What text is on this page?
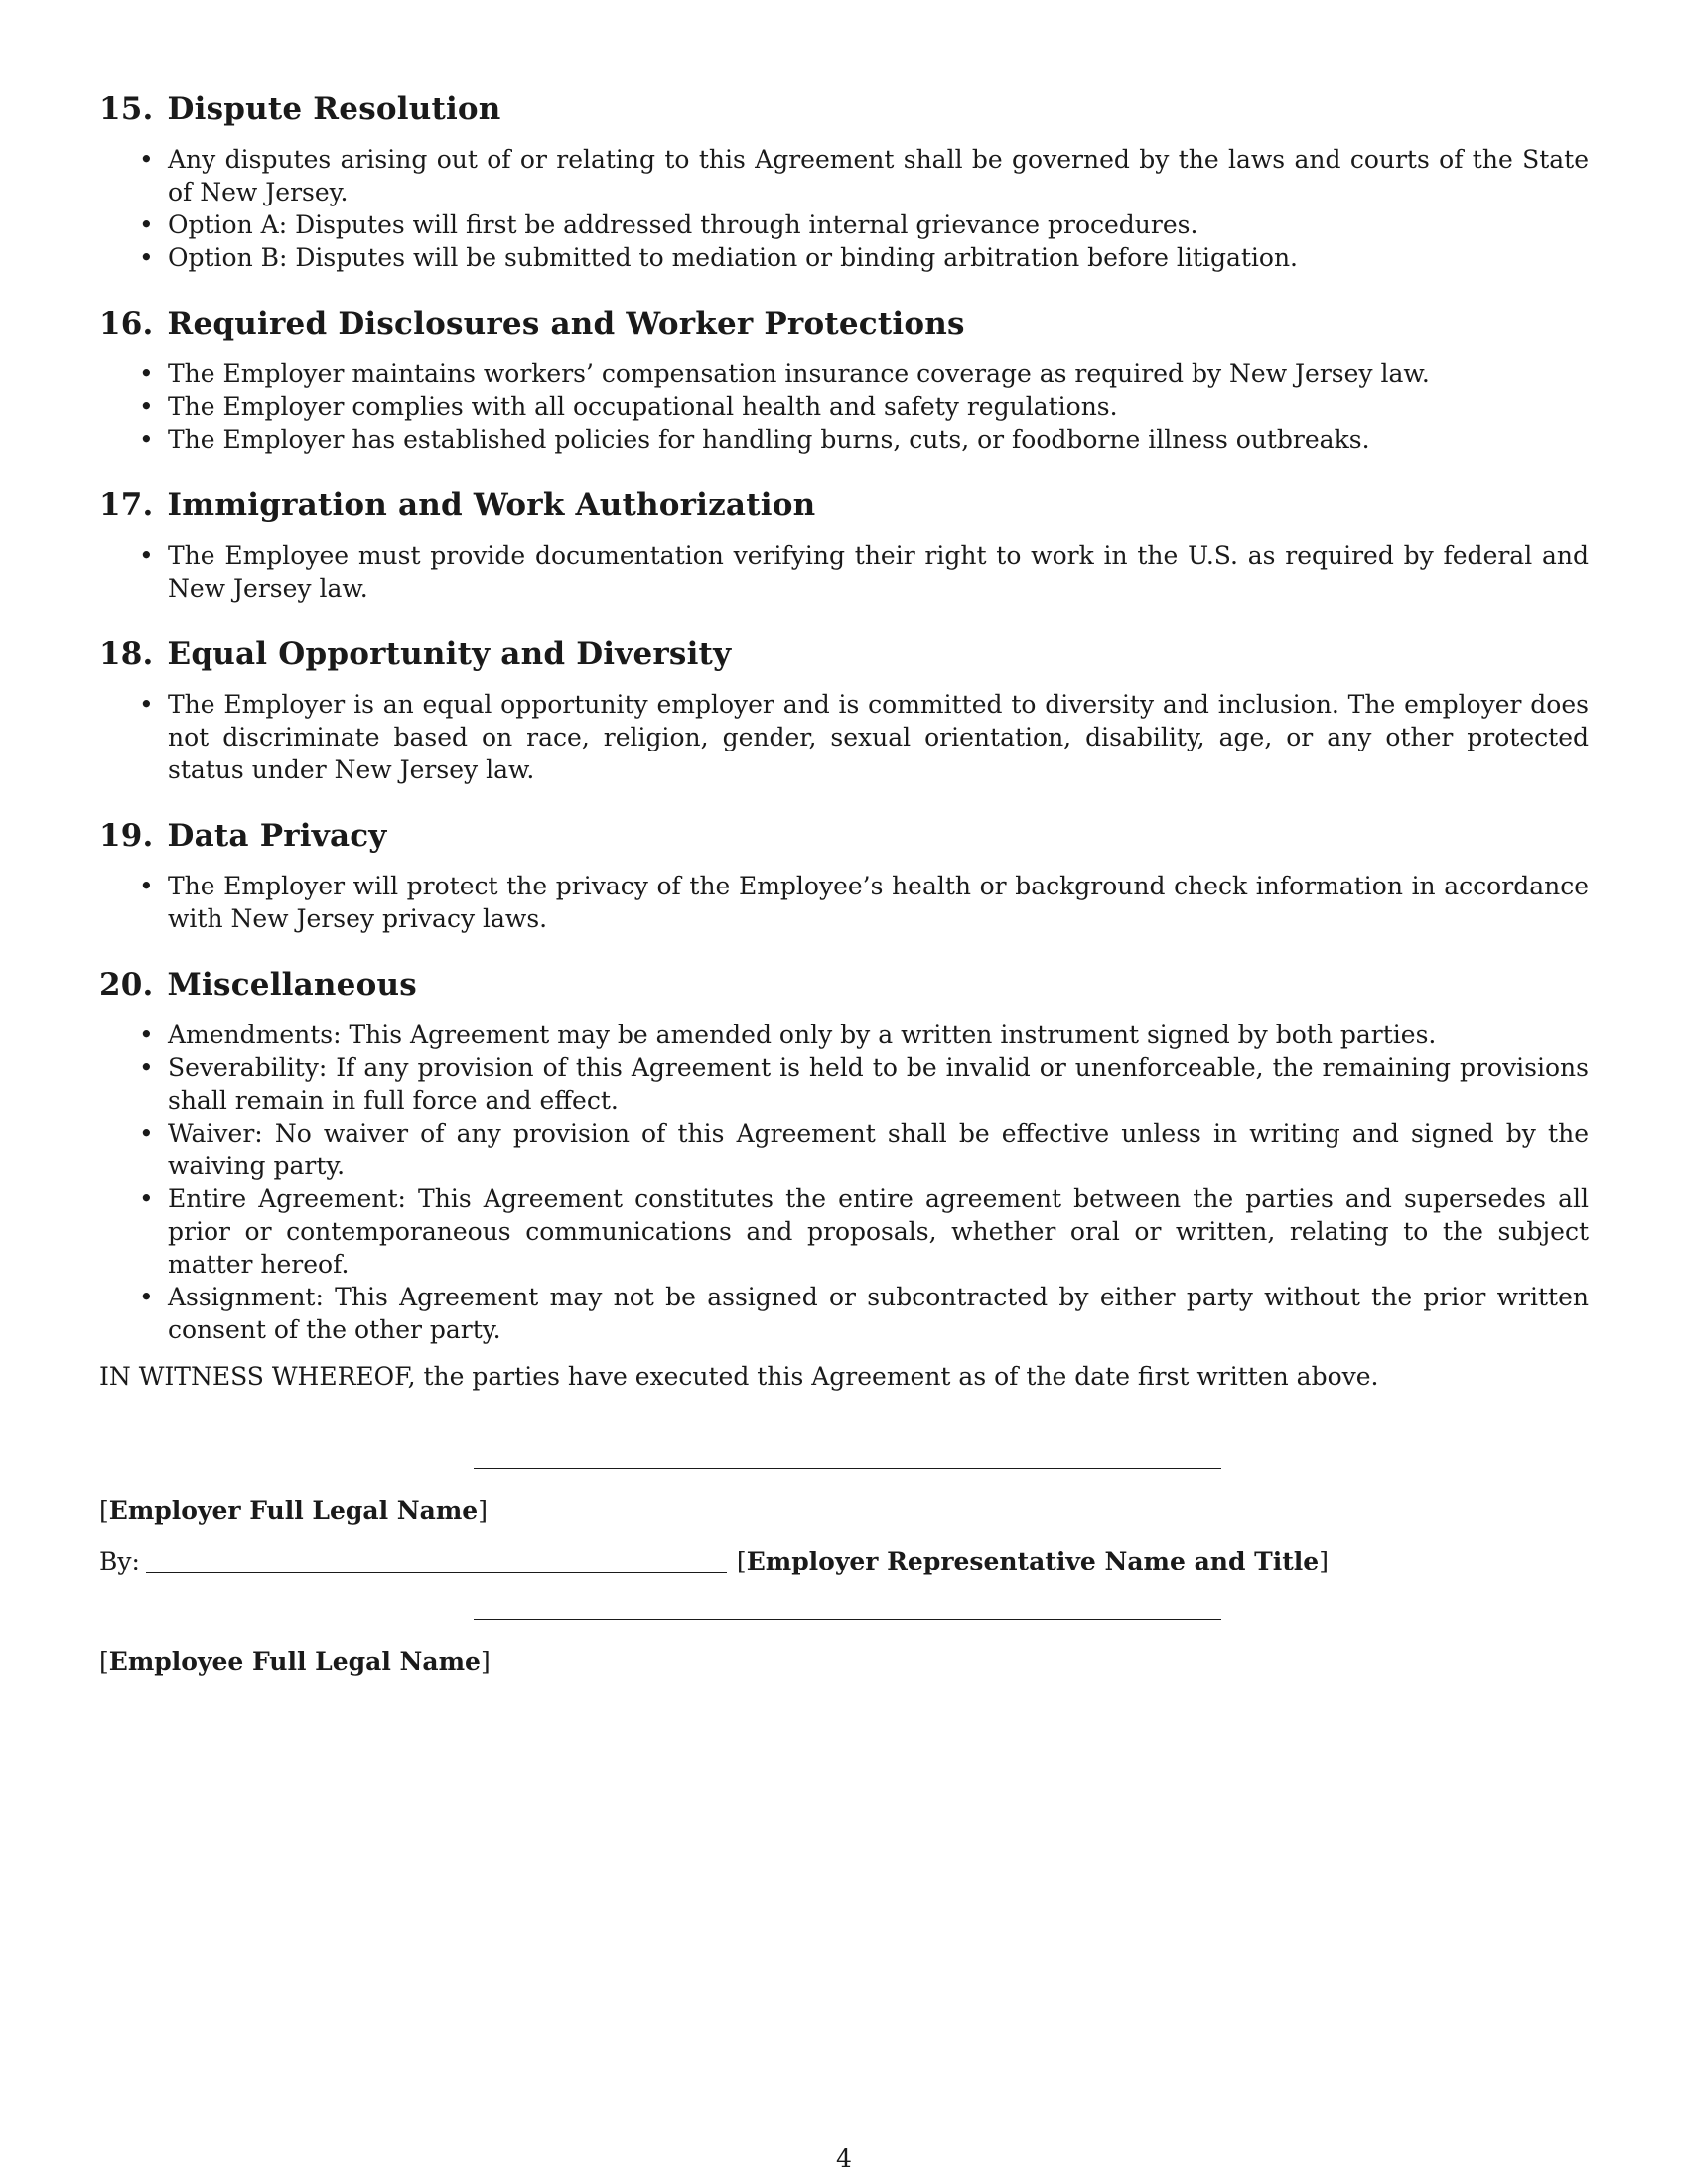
15. Dispute Resolution
• Any disputes arising out of or relating to this Agreement shall be governed by the laws and courts of the State of New Jersey.
• Option A: Disputes will first be addressed through internal grievance procedures.
• Option B: Disputes will be submitted to mediation or binding arbitration before litigation.
16. Required Disclosures and Worker Protections
• The Employer maintains workers’ compensation insurance coverage as required by New Jersey law.
• The Employer complies with all occupational health and safety regulations.
• The Employer has established policies for handling burns, cuts, or foodborne illness outbreaks.
17. Immigration and Work Authorization
• The Employee must provide documentation verifying their right to work in the U.S. as required by federal and New Jersey law.
18. Equal Opportunity and Diversity
• The Employer is an equal opportunity employer and is committed to diversity and inclusion. The employer does not discriminate based on race, religion, gender, sexual orientation, disability, age, or any other protected status under New Jersey law.
19. Data Privacy
• The Employer will protect the privacy of the Employee’s health or background check information in accordance with New Jersey privacy laws.
20. Miscellaneous
• Amendments: This Agreement may be amended only by a written instrument signed by both parties.
• Severability: If any provision of this Agreement is held to be invalid or unenforceable, the remaining provisions shall remain in full force and effect.
• Waiver: No waiver of any provision of this Agreement shall be effective unless in writing and signed by the waiving party.
• Entire Agreement: This Agreement constitutes the entire agreement between the parties and supersedes all prior or contemporaneous communications and proposals, whether oral or written, relating to the subject matter hereof.
• Assignment: This Agreement may not be assigned or subcontracted by either party without the prior written consent of the other party.
IN WITNESS WHEREOF, the parties have executed this Agreement as of the date first written above.
[Employer Full Legal Name]
By:	[Employer Representative Name and Title]
[Employee Full Legal Name]
4
